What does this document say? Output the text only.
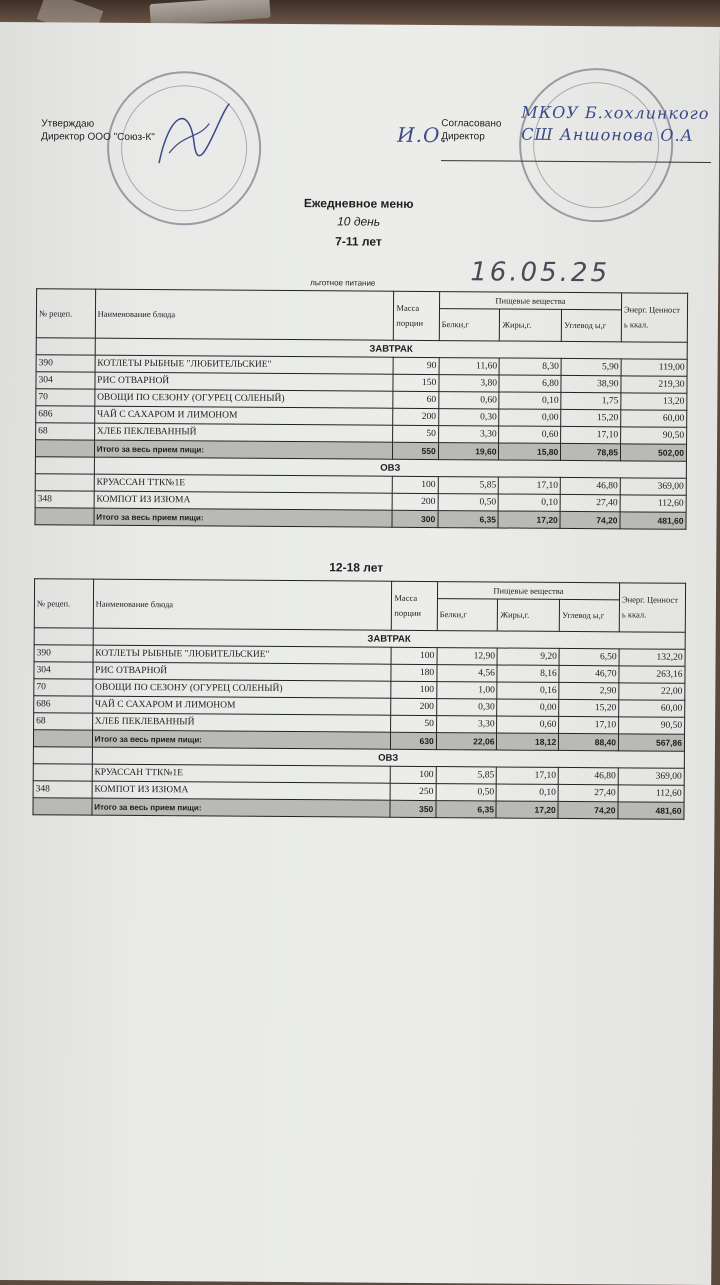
Утверждаю
Директор ООО "Союз-К"
Согласовано
Директор
И.О.
МКОУ Б.хохлинкого СШ Аншонова О.А
Ежедневное меню
10 день
7-11 лет
льготное питание	16.05.25
№ рецеп.	Наименование блюда	Масса порции	Пищевые вещества			Энерг. Ценност ь ккал.
			Белки,г	Жиры,г.	Углевод ы,г	
	ЗАВТРАК					
390	КОТЛЕТЫ РЫБНЫЕ "ЛЮБИТЕЛЬСКИЕ"	90	11,60	8,30	5,90	119,00
304	РИС ОТВАРНОЙ	150	3,80	6,80	38,90	219,30
70	ОВОЩИ ПО СЕЗОНУ (ОГУРЕЦ СОЛЕНЫЙ)	60	0,60	0,10	1,75	13,20
686	ЧАЙ С САХАРОМ И ЛИМОНОМ	200	0,30	0,00	15,20	60,00
68	ХЛЕБ ПЕКЛЕВАННЫЙ	50	3,30	0,60	17,10	90,50
	Итого за весь прием пищи:	550	19,60	15,80	78,85	502,00
	ОВЗ					
	КРУАССАН ТТК№1Е	100	5,85	17,10	46,80	369,00
348	КОМПОТ ИЗ ИЗЮМА	200	0,50	0,10	27,40	112,60
	Итого за весь прием пищи:	300	6,35	17,20	74,20	481,60
12-18 лет
№ рецеп.	Наименование блюда	Масса порции	Пищевые вещества			Энерг. Ценност ь ккал.
			Белки,г	Жиры,г.	Углевод ы,г	
	ЗАВТРАК					
390	КОТЛЕТЫ РЫБНЫЕ "ЛЮБИТЕЛЬСКИЕ"	100	12,90	9,20	6,50	132,20
304	РИС ОТВАРНОЙ	180	4,56	8,16	46,70	263,16
70	ОВОЩИ ПО СЕЗОНУ (ОГУРЕЦ СОЛЕНЫЙ)	100	1,00	0,16	2,90	22,00
686	ЧАЙ С САХАРОМ И ЛИМОНОМ	200	0,30	0,00	15,20	60,00
68	ХЛЕБ ПЕКЛЕВАННЫЙ	50	3,30	0,60	17,10	90,50
	Итого за весь прием пищи:	630	22,06	18,12	88,40	567,86
	ОВЗ					
	КРУАССАН ТТК№1Е	100	5,85	17,10	46,80	369,00
348	КОМПОТ ИЗ ИЗЮМА	250	0,50	0,10	27,40	112,60
	Итого за весь прием пищи:	350	6,35	17,20	74,20	481,60
